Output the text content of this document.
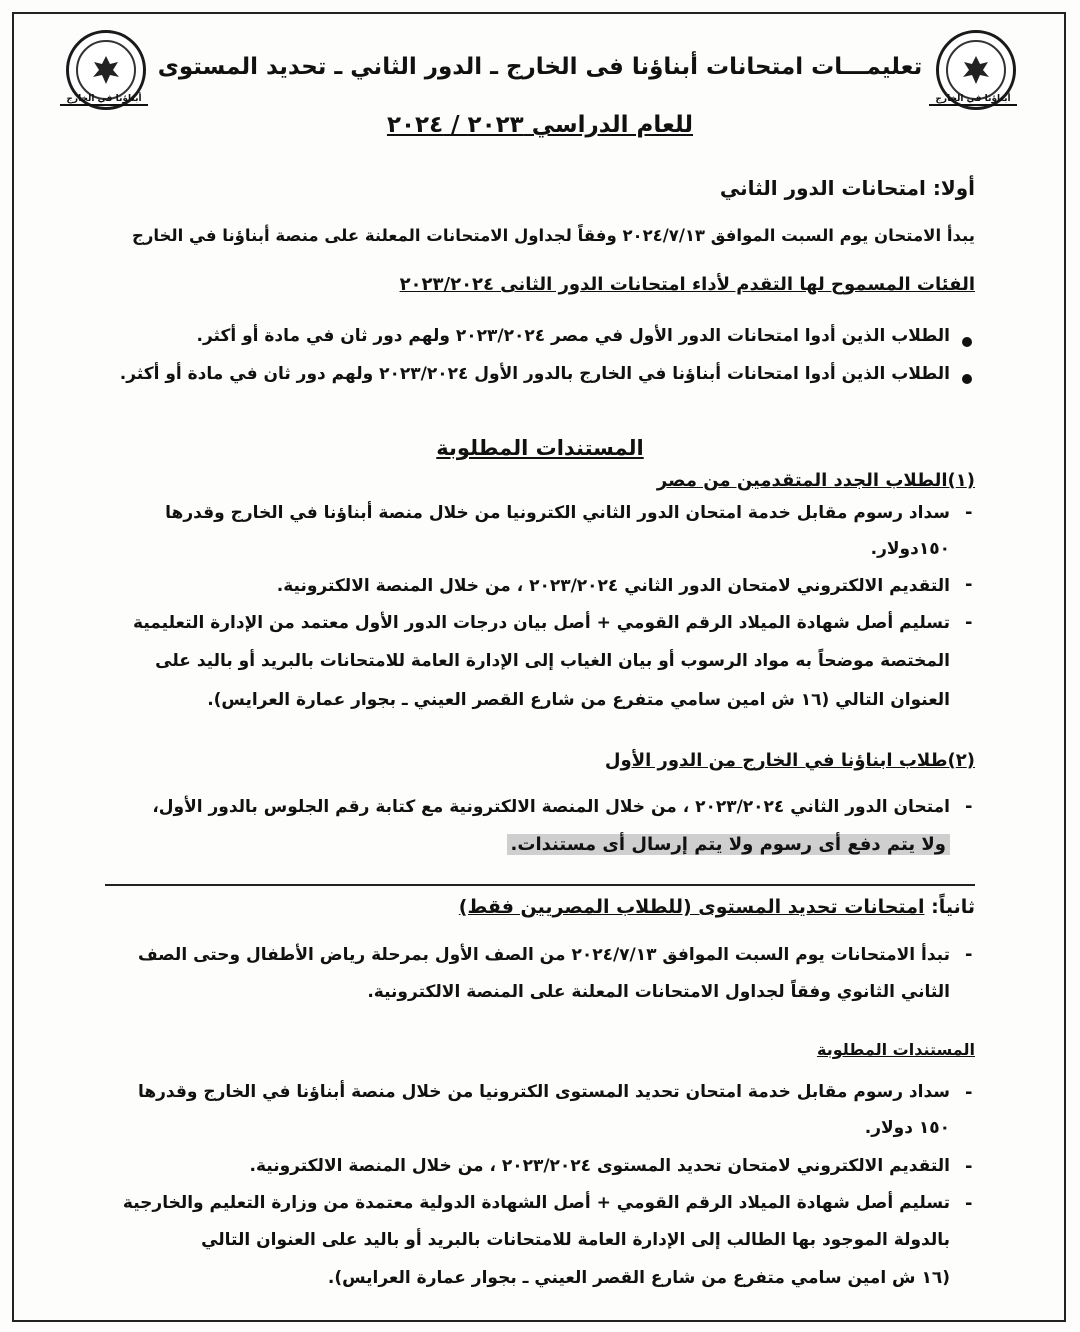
أبناؤنا في الخارج	أبناؤنا في الخارج
تعليمـــات امتحانات أبناؤنا فى الخارج ـ الدور الثاني ـ تحديد المستوى
للعام الدراسي ٢٠٢٣ / ٢٠٢٤
أولا: امتحانات الدور الثاني
يبدأ الامتحان يوم السبت الموافق ٢٠٢٤/٧/١٣ وفقاً لجداول الامتحانات المعلنة على منصة أبناؤنا في الخارج
الفئات المسموح لها التقدم لأداء امتحانات الدور الثانى ٢٠٢٣/٢٠٢٤
الطلاب الذين أدوا امتحانات الدور الأول في مصر ٢٠٢٣/٢٠٢٤ ولهم دور ثان في مادة أو أكثر.
الطلاب الذين أدوا امتحانات أبناؤنا في الخارج بالدور الأول ٢٠٢٣/٢٠٢٤ ولهم دور ثان في مادة أو أكثر.
المستندات المطلوبة
(١)الطلاب الجدد المتقدمين من مصر
-
سداد رسوم مقابل خدمة امتحان الدور الثاني الكترونيا من خلال منصة أبناؤنا في الخارج وقدرها
١٥٠دولار.
-
التقديم الالكتروني لامتحان الدور الثاني ٢٠٢٣/٢٠٢٤ ، من خلال المنصة الالكترونية.
-
تسليم أصل شهادة الميلاد الرقم القومي + أصل بيان درجات الدور الأول معتمد من الإدارة التعليمية
المختصة موضحاً به مواد الرسوب أو بيان الغياب إلى الإدارة العامة للامتحانات بالبريد أو باليد على
العنوان التالي (١٦ ش امين سامي متفرع من شارع القصر العيني ـ بجوار عمارة العرايس).
(٢)طلاب ابناؤنا في الخارج من الدور الأول
-
امتحان الدور الثاني ٢٠٢٣/٢٠٢٤ ، من خلال المنصة الالكترونية مع كتابة رقم الجلوس بالدور الأول،
ولا يتم دفع أى رسوم ولا يتم إرسال أى مستندات.
ثانياً: امتحانات تحديد المستوى (للطلاب المصريين فقط)
-
تبدأ الامتحانات يوم السبت الموافق ٢٠٢٤/٧/١٣ من الصف الأول بمرحلة رياض الأطفال وحتى الصف
الثاني الثانوي وفقاً لجداول الامتحانات المعلنة على المنصة الالكترونية.
المستندات المطلوبة
-
سداد رسوم مقابل خدمة امتحان تحديد المستوى الكترونيا من خلال منصة أبناؤنا في الخارج وقدرها
١٥٠ دولار.
-
التقديم الالكتروني لامتحان تحديد المستوى ٢٠٢٣/٢٠٢٤ ، من خلال المنصة الالكترونية.
-
تسليم أصل شهادة الميلاد الرقم القومي + أصل الشهادة الدولية معتمدة من وزارة التعليم والخارجية
بالدولة الموجود بها الطالب إلى الإدارة العامة للامتحانات بالبريد أو باليد على العنوان التالي
(١٦ ش امين سامي متفرع من شارع القصر العيني ـ بجوار عمارة العرايس).
